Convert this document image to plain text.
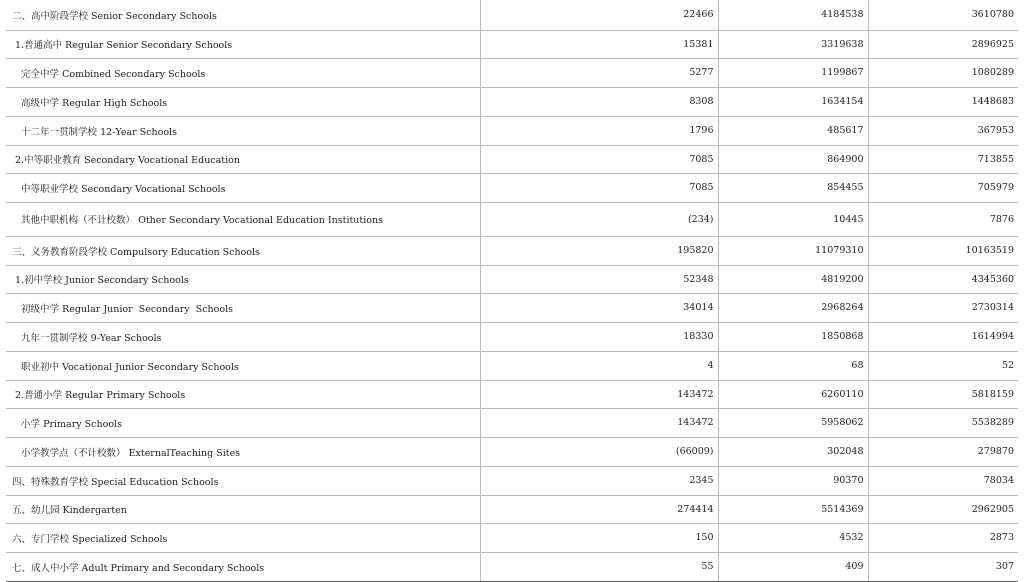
二、高中阶段学校 Senior Secondary Schools	22466	4184538	3610780
1.普通高中 Regular Senior Secondary Schools	15381	3319638	2896925
完全中学 Combined Secondary Schools	5277	1199867	1080289
高级中学 Regular High Schools	8308	1634154	1448683
十二年一贯制学校 12-Year Schools	1796	485617	367953
2.中等职业教育 Secondary Vocational Education	7085	864900	713855
中等职业学校 Secondary Vocational Schools	7085	854455	705979
其他中职机构（不计校数） Other Secondary Vocational Education Institutions	(234)	10445	7876
三、义务教育阶段学校 Compulsory Education Schools	195820	11079310	10163519
1.初中学校 Junior Secondary Schools	52348	4819200	4345360
初级中学 Regular Junior  Secondary  Schools	34014	2968264	2730314
九年一贯制学校 9-Year Schools	18330	1850868	1614994
职业初中 Vocational Junior Secondary Schools	4	68	52
2.普通小学 Regular Primary Schools	143472	6260110	5818159
小学 Primary Schools	143472	5958062	5538289
小学教学点（不计校数） ExternalTeaching Sites	(66009)	302048	279870
四、特殊教育学校 Special Education Schools	2345	90370	78034
五、幼儿园 Kindergarten	274414	5514369	2962905
六、专门学校 Specialized Schools	150	4532	2873
七、成人中小学 Adult Primary and Secondary Schools	55	409	307
